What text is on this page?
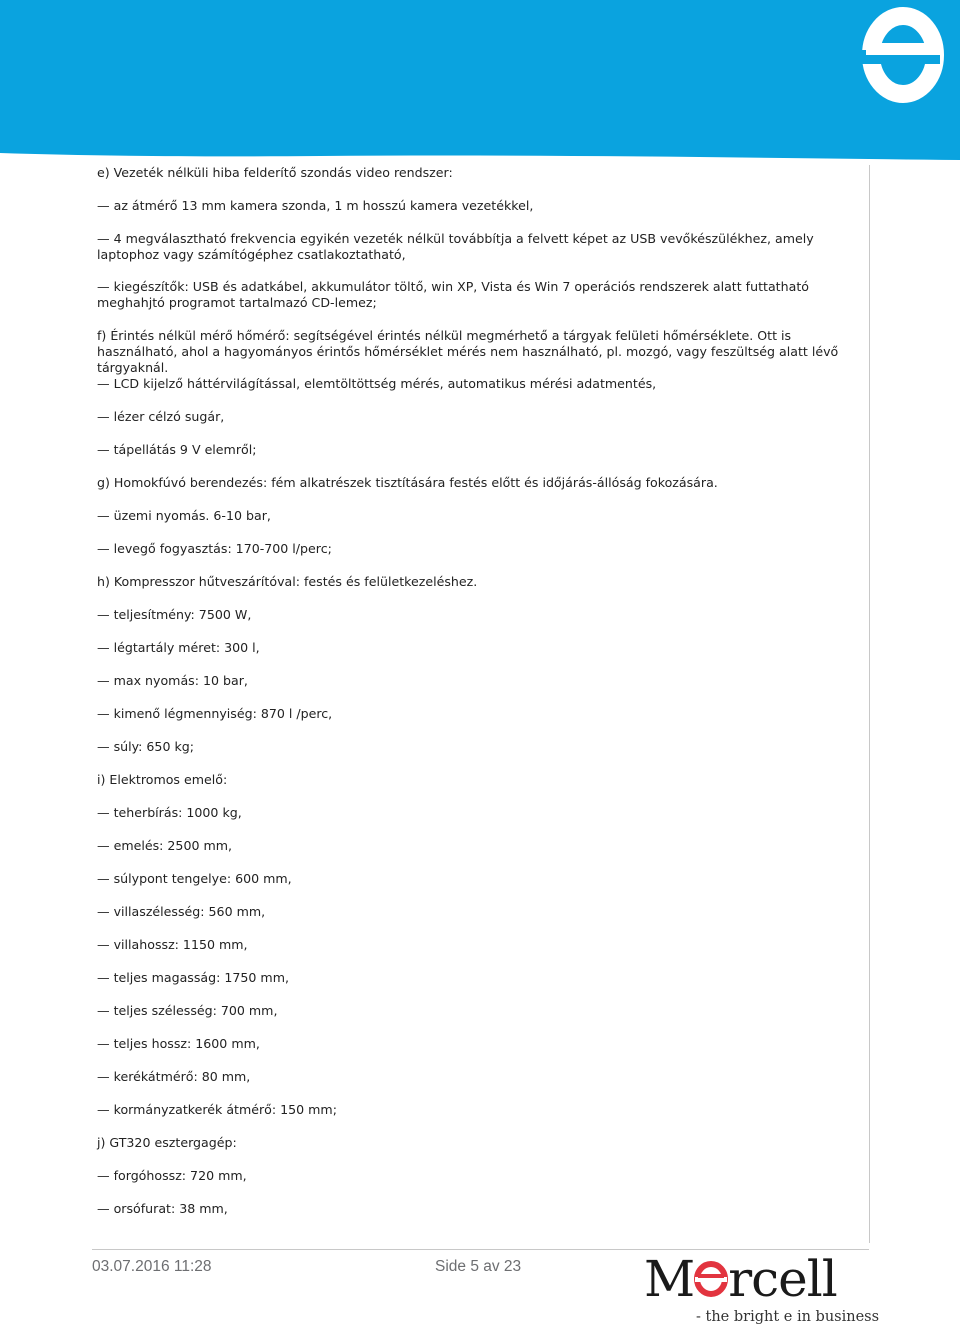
e) Vezeték nélküli hiba felderítő szondás video rendszer:
— az átmérő 13 mm kamera szonda, 1 m hosszú kamera vezetékkel,
— 4 megválasztható frekvencia egyikén vezeték nélkül továbbítja a felvett képet az USB vevőkészülékhez, amely laptophoz vagy számítógéphez csatlakoztatható,
— kiegészítők: USB és adatkábel, akkumulátor töltő, win XP, Vista és Win 7 operációs rendszerek alatt futtatható meghahjtó programot tartalmazó CD-lemez;
f) Érintés nélkül mérő hőmérő: segítségével érintés nélkül megmérhető a tárgyak felületi hőmérséklete. Ott is használható, ahol a hagyományos érintős hőmérséklet mérés nem használható, pl. mozgó, vagy feszültség alatt lévő tárgyaknál.
— LCD kijelző háttérvilágítással, elemtöltöttség mérés, automatikus mérési adatmentés,
— lézer célzó sugár,
— tápellátás 9 V elemről;
g) Homokfúvó berendezés: fém alkatrészek tisztítására festés előtt és időjárás-állóság fokozására.
— üzemi nyomás. 6-10 bar,
— levegő fogyasztás: 170-700 l/perc;
h) Kompresszor hűtveszárítóval: festés és felületkezeléshez.
— teljesítmény: 7500 W,
— légtartály méret: 300 l,
— max nyomás: 10 bar,
— kimenő légmennyiség: 870 l /perc,
— súly: 650 kg;
i) Elektromos emelő:
— teherbírás: 1000 kg,
— emelés: 2500 mm,
— súlypont tengelye: 600 mm,
— villaszélesség: 560 mm,
— villahossz: 1150 mm,
— teljes magasság: 1750 mm,
— teljes szélesség: 700 mm,
— teljes hossz: 1600 mm,
— kerékátmérő: 80 mm,
— kormányzatkerék átmérő: 150 mm;
j) GT320 esztergagép:
— forgóhossz: 720 mm,
— orsófurat: 38 mm,
03.07.2016 11:28	Side 5 av 23 M rcell
- the bright e in business
